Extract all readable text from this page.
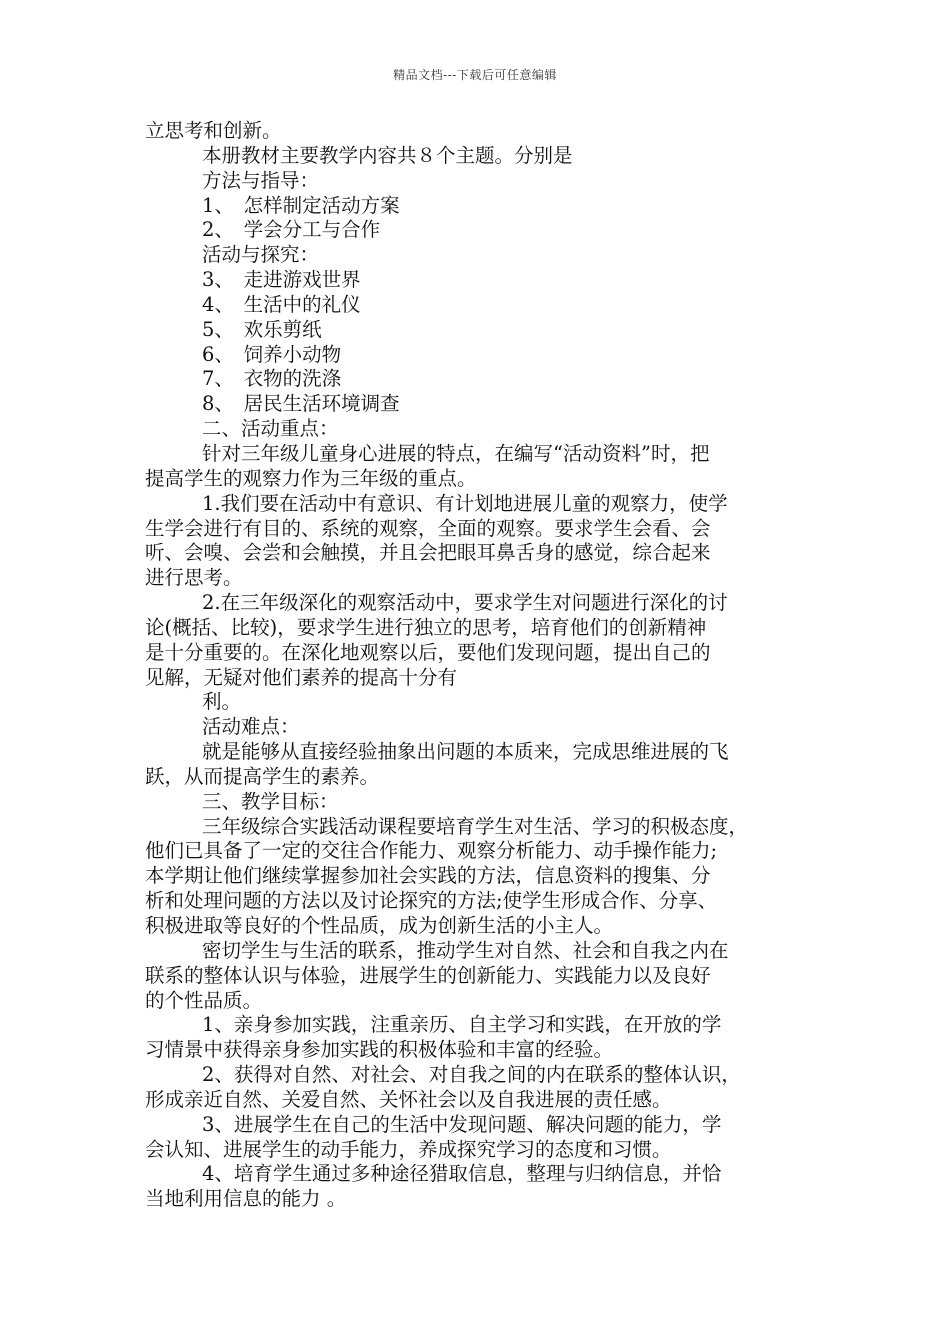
精品文档---下载后可任意编辑

立思考和创新。

本册教材主要教学内容共８个主题。分别是

方法与指导：

1、　怎样制定活动方案

2、　学会分工与合作

活动与探究：

3、　走进游戏世界

4、　生活中的礼仪

5、　欢乐剪纸

6、　饲养小动物

7、　衣物的洗涤

8、　居民生活环境调查

二、活动重点：

针对三年级儿童身心进展的特点，在编写“活动资料”时，把

提高学生的观察力作为三年级的重点。

1.我们要在活动中有意识、有计划地进展儿童的观察力，使学

生学会进行有目的、系统的观察，全面的观察。要求学生会看、会

听、会嗅、会尝和会触摸，并且会把眼耳鼻舌身的感觉，综合起来

进行思考。

2.在三年级深化的观察活动中，要求学生对问题进行深化的讨

论(概括、比较)，要求学生进行独立的思考，培育他们的创新精神

是十分重要的。在深化地观察以后，要他们发现问题，提出自己的

见解，无疑对他们素养的提高十分有

利。

活动难点：

就是能够从直接经验抽象出问题的本质来，完成思维进展的飞

跃，从而提高学生的素养。

三、教学目标：

三年级综合实践活动课程要培育学生对生活、学习的积极态度，

他们已具备了一定的交往合作能力、观察分析能力、动手操作能力;

本学期让他们继续掌握参加社会实践的方法，信息资料的搜集、分

析和处理问题的方法以及讨论探究的方法;使学生形成合作、分享、

积极进取等良好的个性品质，成为创新生活的小主人。

密切学生与生活的联系，推动学生对自然、社会和自我之内在

联系的整体认识与体验，进展学生的创新能力、实践能力以及良好

的个性品质。

1、亲身参加实践，注重亲历、自主学习和实践，在开放的学

习情景中获得亲身参加实践的积极体验和丰富的经验。

2、获得对自然、对社会、对自我之间的内在联系的整体认识，

形成亲近自然、关爱自然、关怀社会以及自我进展的责任感。

3、进展学生在自己的生活中发现问题、解决问题的能力，学

会认知、进展学生的动手能力，养成探究学习的态度和习惯。

4、培育学生通过多种途径猎取信息，整理与归纳信息，并恰

当地利用信息的能力 。
